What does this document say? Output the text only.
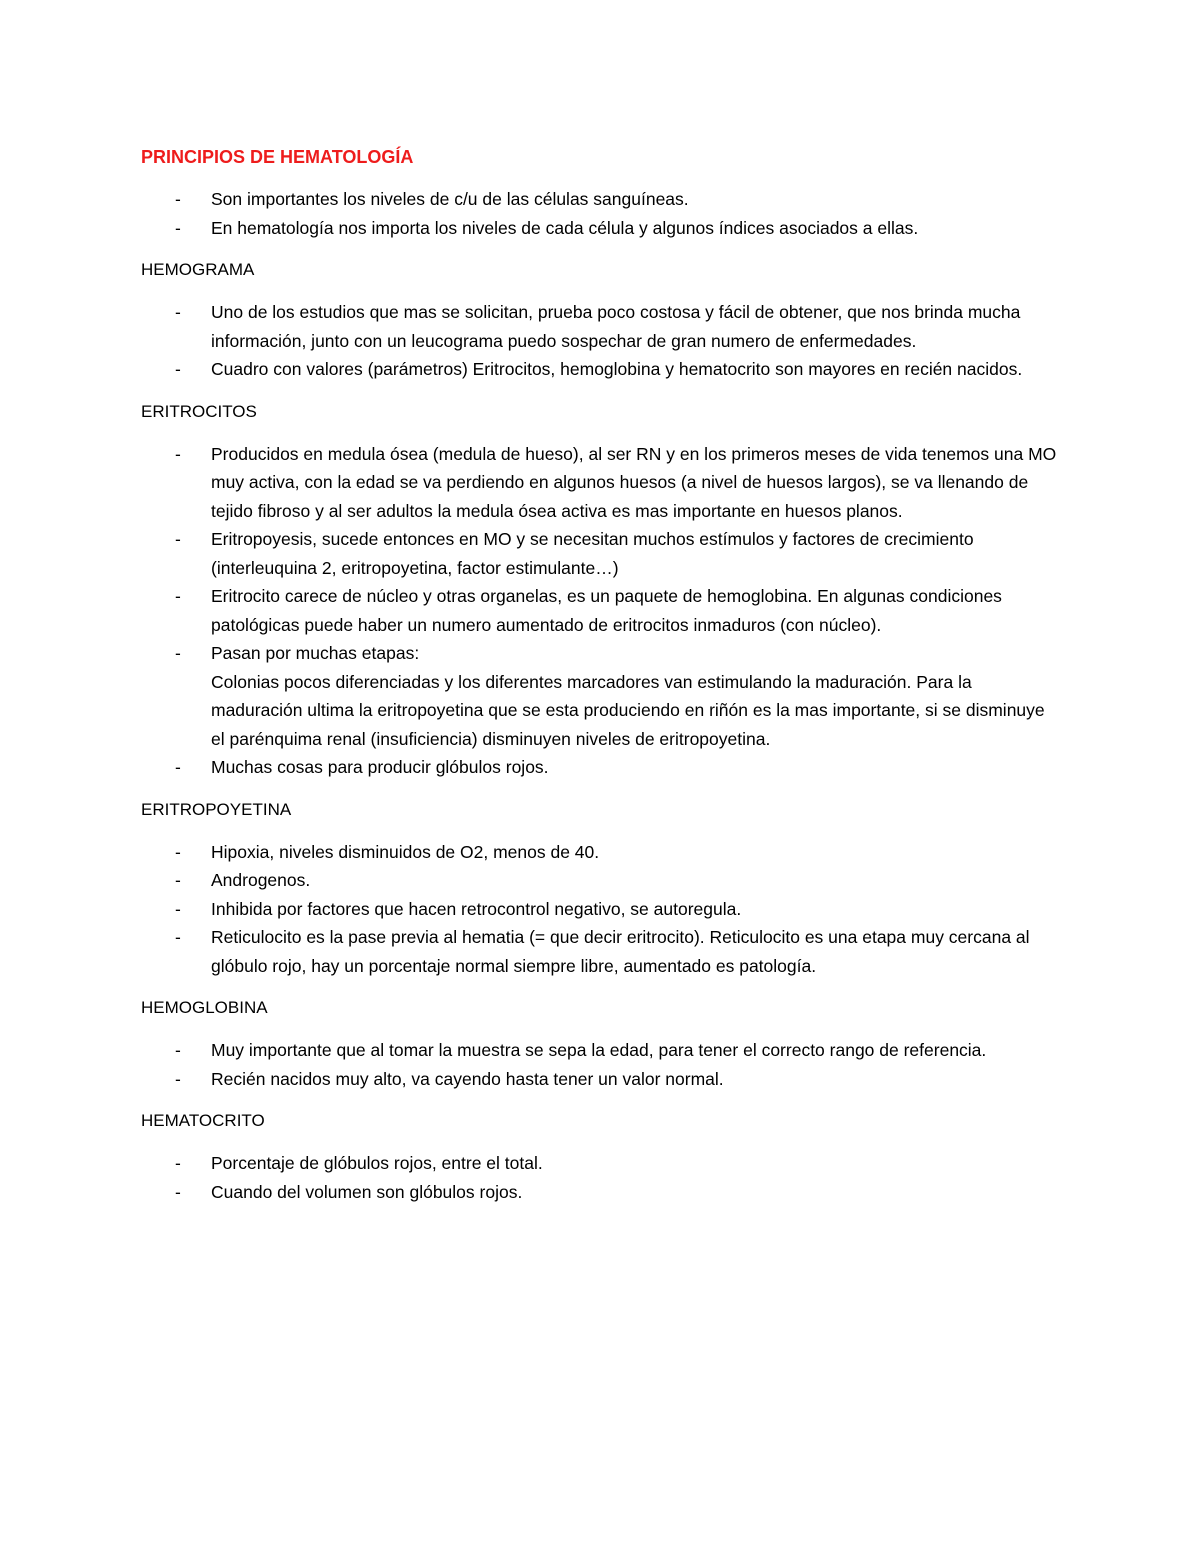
PRINCIPIOS DE HEMATOLOGÍA
- Son importantes los niveles de c/u de las células sanguíneas.
- En hematología nos importa los niveles de cada célula y algunos índices asociados a ellas.
HEMOGRAMA
- Uno de los estudios que mas se solicitan, prueba poco costosa y fácil de obtener, que nos brinda mucha información, junto con un leucograma puedo sospechar de gran numero de enfermedades.
- Cuadro con valores (parámetros) Eritrocitos, hemoglobina y hematocrito son mayores en recién nacidos.
ERITROCITOS
- Producidos en medula ósea (medula de hueso), al ser RN y en los primeros meses de vida tenemos una MO muy activa, con la edad se va perdiendo en algunos huesos (a nivel de huesos largos), se va llenando de tejido fibroso y al ser adultos la medula ósea activa es mas importante en huesos planos.
- Eritropoyesis, sucede entonces en MO y se necesitan muchos estímulos y factores de crecimiento (interleuquina 2, eritropoyetina, factor estimulante…)
- Eritrocito carece de núcleo y otras organelas, es un paquete de hemoglobina. En algunas condiciones patológicas puede haber un numero aumentado de eritrocitos inmaduros (con núcleo).
- Pasan por muchas etapas:
Colonias pocos diferenciadas y los diferentes marcadores van estimulando la maduración. Para la maduración ultima la eritropoyetina que se esta produciendo en riñón es la mas importante, si se disminuye el parénquima renal (insuficiencia) disminuyen niveles de eritropoyetina.
- Muchas cosas para producir glóbulos rojos.
ERITROPOYETINA
- Hipoxia, niveles disminuidos de O2, menos de 40.
- Androgenos.
- Inhibida por factores que hacen retrocontrol negativo, se autoregula.
- Reticulocito es la pase previa al hematia (= que decir eritrocito). Reticulocito es una etapa muy cercana al glóbulo rojo, hay un porcentaje normal siempre libre, aumentado es patología.
HEMOGLOBINA
- Muy importante que al tomar la muestra se sepa la edad, para tener el correcto rango de referencia.
- Recién nacidos muy alto, va cayendo hasta tener un valor normal.
HEMATOCRITO
- Porcentaje de glóbulos rojos, entre el total.
- Cuando del volumen son glóbulos rojos.
